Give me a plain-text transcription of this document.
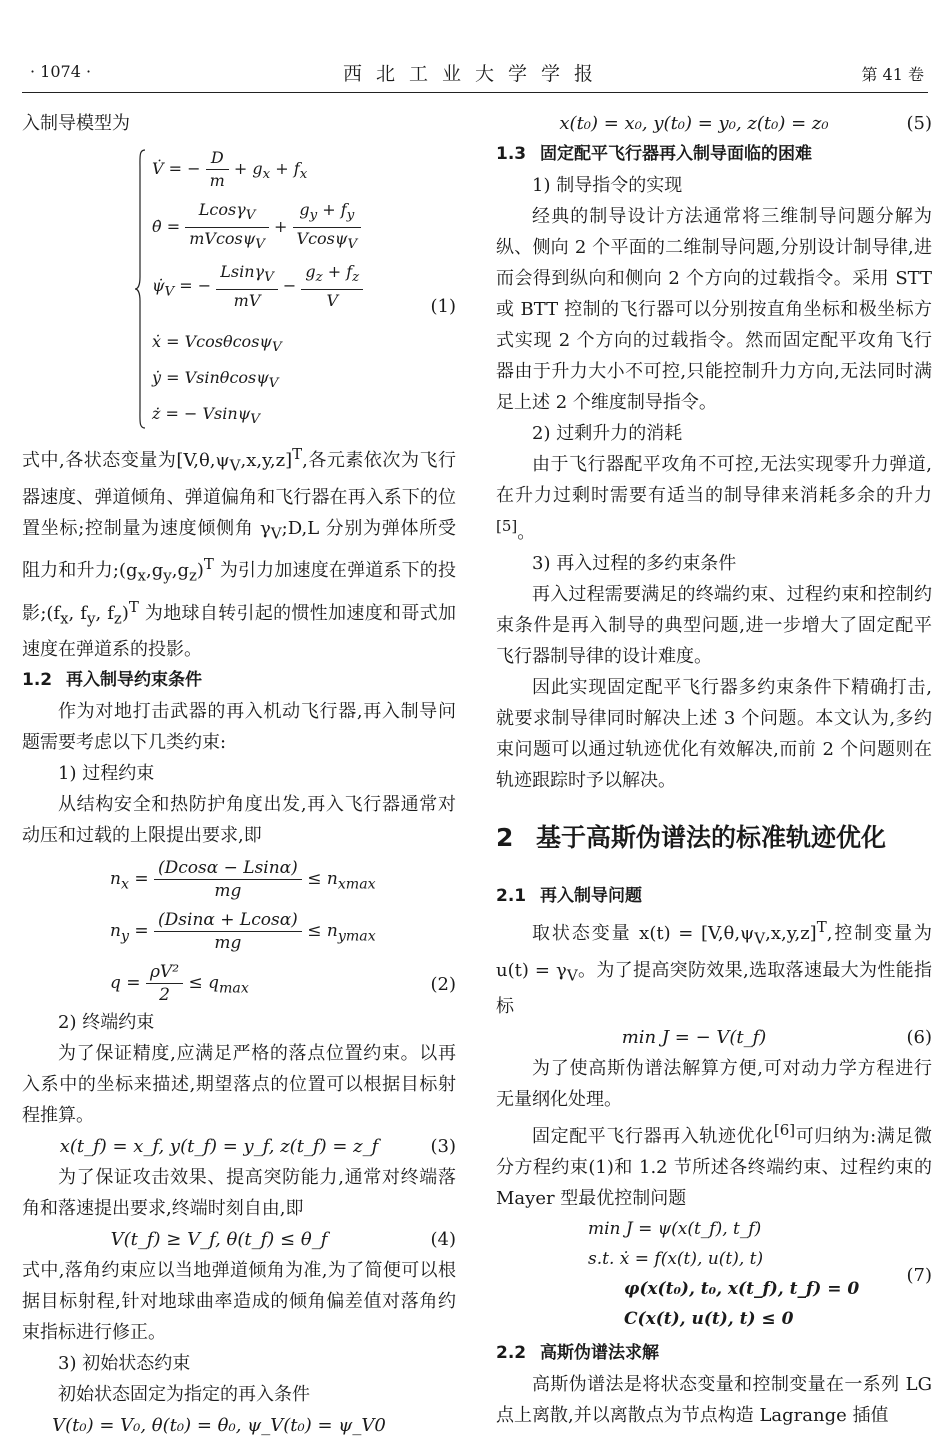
· 1074 ·	西北工业大学学报	第 41 卷

入制导模型为

V̇ = − $\frac{D}{m} + g_x + f_x$
θ̇ = $\frac{Lcos\gamma_V}{mVcos\psi_V} + \frac{g_y + f_y}{Vcos\psi_V}$
$\psi̇_V$ = − $\frac{Lsin\gamma_V}{mV} - \frac{g_z + f_z}{V}$
ẋ = Vcosθcosψ$_V$
ẏ = Vsinθcosψ$_V$
ż = − Vsinψ$_V$
(1)

式中,各状态变量为$[V,\theta,\psi_V,x,y,z]^T$,各元素依次为飞行器速度、弹道倾角、弹道偏角和飞行器在再入系下的位置坐标;控制量为速度倾侧角 $\gamma_V;D,L$ 分别为弹体所受阻力和升力$;(g_x,g_y,g_z)^T$ 为引力加速度在弹道系下的投影$;(f_x$, $f_y$, $f_z)^T$ 为地球自转引起的惯性加速度和哥式加速度在弹道系的投影。

1.2 再入制导约束条件

作为对地打击武器的再入机动飞行器,再入制导问题需要考虑以下几类约束:

1) 过程约束

从结构安全和热防护角度出发,再入飞行器通常对动压和过载的上限提出要求,即

$n_x = \frac{(Dcos\alpha - Lsin\alpha)}{mg} \le n_{xmax}$
$n_y = \frac{(Dsin\alpha + Lcos\alpha)}{mg} \le n_{ymax}$
$q = \frac{\text{ρV²}}{2} \le q_{max}$	(2)

2) 终端约束

为了保证精度,应满足严格的落点位置约束。以再入系中的坐标来描述,期望落点的位置可以根据目标射程推算。

x(t_f) = x_f, y(t_f) = y_f, z(t_f) = z_f	(3)

为了保证攻击效果、提高突防能力,通常对终端落角和落速提出要求,终端时刻自由,即

V(t_f) ≥ V_f, θ(t_f) ≤ θ_f	(4)

式中,落角约束应以当地弹道倾角为准,为了简便可以根据目标射程,针对地球曲率造成的倾角偏差值对落角约束指标进行修正。

3) 初始状态约束

初始状态固定为指定的再入条件

V(t₀) = V₀, θ(t₀) = θ₀, ψ_V(t₀) = ψ_V0
x(t₀) = x₀, y(t₀) = y₀, z(t₀) = z₀	(5)

1.3 固定配平飞行器再入制导面临的困难

1) 制导指令的实现

经典的制导设计方法通常将三维制导问题分解为纵、侧向 2 个平面的二维制导问题,分别设计制导律,进而会得到纵向和侧向 2 个方向的过载指令。采用 STT 或 BTT 控制的飞行器可以分别按直角坐标和极坐标方式实现 2 个方向的过载指令。然而固定配平攻角飞行器由于升力大小不可控,只能控制升力方向,无法同时满足上述 2 个维度制导指令。

2) 过剩升力的消耗

由于飞行器配平攻角不可控,无法实现零升力弹道,在升力过剩时需要有适当的制导律来消耗多余的升力[5]。

3) 再入过程的多约束条件

再入过程需要满足的终端约束、过程约束和控制约束条件是再入制导的典型问题,进一步增大了固定配平飞行器制导律的设计难度。

因此实现固定配平飞行器多约束条件下精确打击,就要求制导律同时解决上述 3 个问题。本文认为,多约束问题可以通过轨迹优化有效解决,而前 2 个问题则在轨迹跟踪时予以解决。

2 基于高斯伪谱法的标准轨迹优化

2.1 再入制导问题

取状态变量 $x(t) = [V,\theta,\psi_V,x,y,z]^T$,控制变量为 $u(t) = \gamma_V$。为了提高突防效果,选取落速最大为性能指标

min J = − V(t_f)	(6)

为了使高斯伪谱法解算方便,可对动力学方程进行无量纲化处理。

固定配平飞行器再入轨迹优化[6]可归纳为:满足微分方程约束(1)和 1.2 节所述各终端约束、过程约束的 Mayer 型最优控制问题

min J = ψ(x(t_f), t_f)
s.t. ẋ = f(x(t), u(t), t)
φ(x(t₀), t₀, x(t_f), t_f) = 0
C(x(t), u(t), t) ≤ 0
(7)

2.2 高斯伪谱法求解

高斯伪谱法是将状态变量和控制变量在一系列 LG 点上离散,并以离散点为节点构造 Lagrange 插值
